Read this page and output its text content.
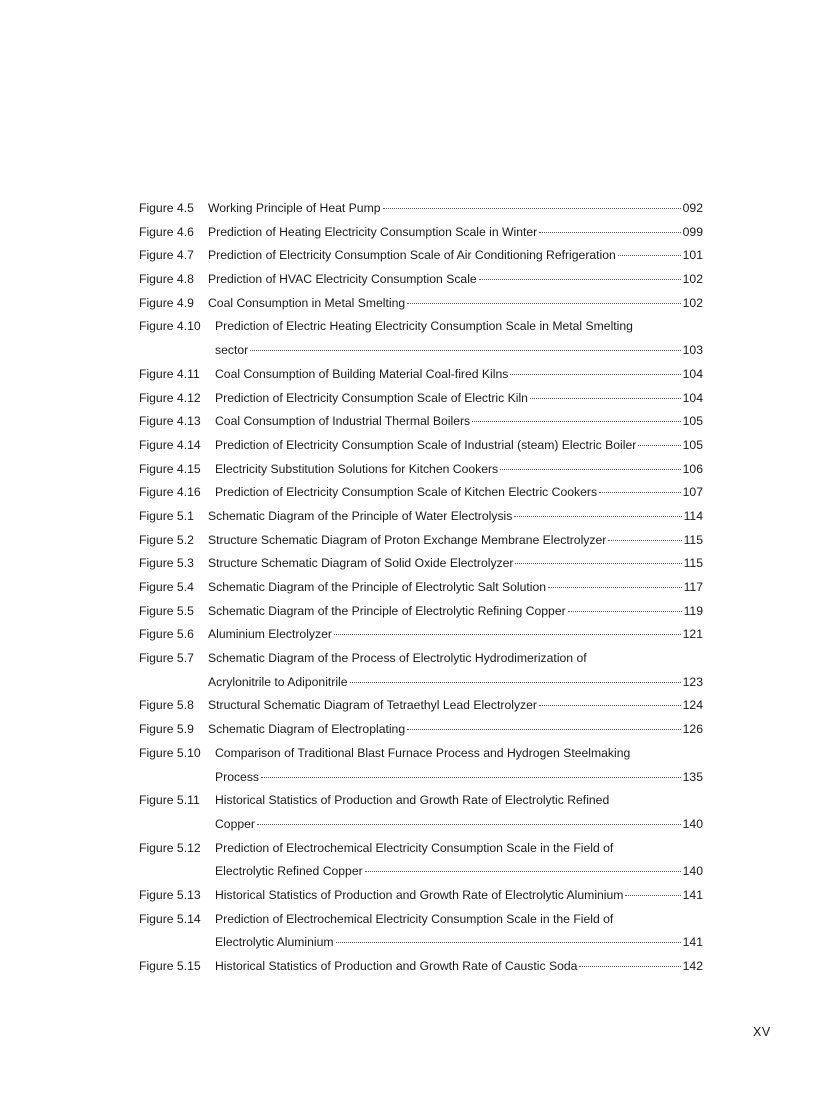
Figure 4.5	Working Principle of Heat Pump	092
Figure 4.6	Prediction of Heating Electricity Consumption Scale in Winter	099
Figure 4.7	Prediction of Electricity Consumption Scale of Air Conditioning Refrigeration	101
Figure 4.8	Prediction of HVAC Electricity Consumption Scale	102
Figure 4.9	Coal Consumption in Metal Smelting	102
Figure 4.10	Prediction of Electric Heating Electricity Consumption Scale in Metal Smelting
sector	103
Figure 4.11	Coal Consumption of Building Material Coal-fired Kilns	104
Figure 4.12	Prediction of Electricity Consumption Scale of Electric Kiln	104
Figure 4.13	Coal Consumption of Industrial Thermal Boilers	105
Figure 4.14	Prediction of Electricity Consumption Scale of Industrial (steam) Electric Boiler	105
Figure 4.15	Electricity Substitution Solutions for Kitchen Cookers	106
Figure 4.16	Prediction of Electricity Consumption Scale of Kitchen Electric Cookers	107
Figure 5.1	Schematic Diagram of the Principle of Water Electrolysis	114
Figure 5.2	Structure Schematic Diagram of Proton Exchange Membrane Electrolyzer	115
Figure 5.3	Structure Schematic Diagram of Solid Oxide Electrolyzer	115
Figure 5.4	Schematic Diagram of the Principle of Electrolytic Salt Solution	117
Figure 5.5	Schematic Diagram of the Principle of Electrolytic Refining Copper	119
Figure 5.6	Aluminium Electrolyzer	121
Figure 5.7	Schematic Diagram of the Process of Electrolytic Hydrodimerization of
Acrylonitrile to Adiponitrile	123
Figure 5.8	Structural Schematic Diagram of Tetraethyl Lead Electrolyzer	124
Figure 5.9	Schematic Diagram of Electroplating	126
Figure 5.10	Comparison of Traditional Blast Furnace Process and Hydrogen Steelmaking
Process	135
Figure 5.11	Historical Statistics of Production and Growth Rate of Electrolytic Refined
Copper	140
Figure 5.12	Prediction of Electrochemical Electricity Consumption Scale in the Field of
Electrolytic Refined Copper	140
Figure 5.13	Historical Statistics of Production and Growth Rate of Electrolytic Aluminium	141
Figure 5.14	Prediction of Electrochemical Electricity Consumption Scale in the Field of
Electrolytic Aluminium	141
Figure 5.15	Historical Statistics of Production and Growth Rate of Caustic Soda	142
XV
